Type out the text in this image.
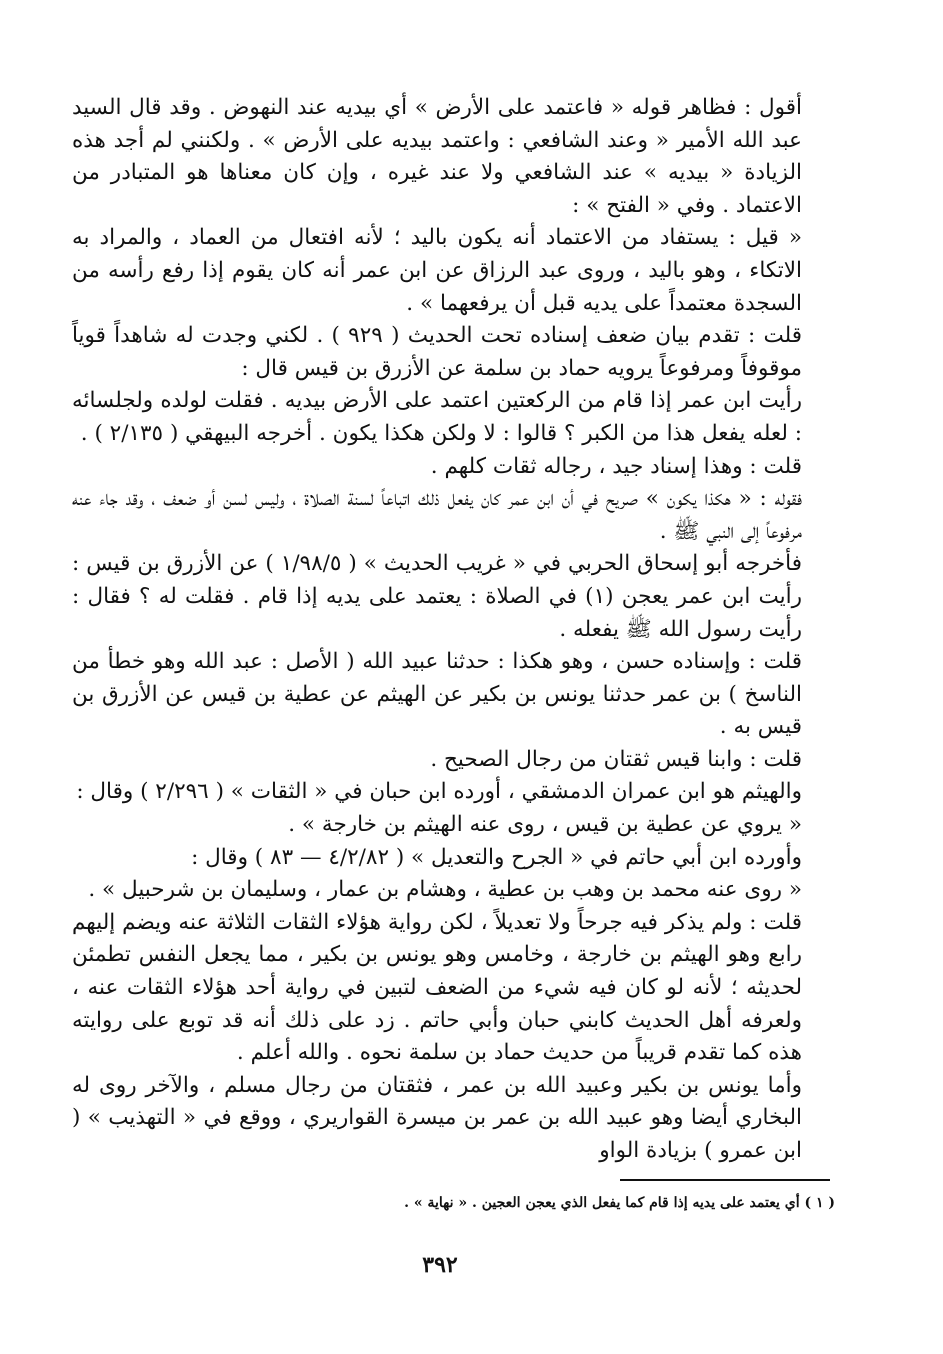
أقول : فظاهر قوله « فاعتمد على الأرض » أي بيديه عند النهوض . وقد قال السيد عبد الله الأمير « وعند الشافعي : واعتمد بيديه على الأرض » . ولكنني لم أجد هذه الزيادة « بيديه » عند الشافعي ولا عند غيره ، وإن كان معناها هو المتبادر من الاعتماد . وفي « الفتح » :

« قيل : يستفاد من الاعتماد أنه يكون باليد ؛ لأنه افتعال من العماد ، والمراد به الاتكاء ، وهو باليد ، وروى عبد الرزاق عن ابن عمر أنه كان يقوم إذا رفع رأسه من السجدة معتمداً على يديه قبل أن يرفعهما » .

قلت : تقدم بيان ضعف إسناده تحت الحديث ( ٩٢٩ ) . لكني وجدت له شاهداً قوياً موقوفاً ومرفوعاً يرويه حماد بن سلمة عن الأزرق بن قيس قال :

رأيت ابن عمر إذا قام من الركعتين اعتمد على الأرض بيديه . فقلت لولده ولجلسائه : لعله يفعل هذا من الكبر ؟ قالوا : لا ولكن هكذا يكون . أخرجه البيهقي ( ٢/١٣٥ ) .

قلت : وهذا إسناد جيد ، رجاله ثقات كلهم .

فقوله : « هكذا يكون » صريح في أن ابن عمر كان يفعل ذلك اتباعاً لسنة الصلاة ، وليس لسن أو ضعف ، وقد جاء عنه مرفوعاً إلى النبي ﷺ .

فأخرجه أبو إسحاق الحربي في « غريب الحديث » ( ١/٩٨/٥ ) عن الأزرق بن قيس : رأيت ابن عمر يعجن (١) في الصلاة : يعتمد على يديه إذا قام . فقلت له ؟ فقال : رأيت رسول الله ﷺ يفعله .

قلت : وإسناده حسن ، وهو هكذا : حدثنا عبيد الله ( الأصل : عبد الله وهو خطأ من الناسخ ) بن عمر حدثنا يونس بن بكير عن الهيثم عن عطية بن قيس عن الأزرق بن قيس به .

قلت : وابنا قيس ثقتان من رجال الصحيح .

والهيثم هو ابن عمران الدمشقي ، أورده ابن حبان في « الثقات » ( ٢/٢٩٦ ) وقال :

« يروي عن عطية بن قيس ، روى عنه الهيثم بن خارجة » .

وأورده ابن أبي حاتم في « الجرح والتعديل » ( ٤/٢/٨٢ — ٨٣ ) وقال :

« روى عنه محمد بن وهب بن عطية ، وهشام بن عمار ، وسليمان بن شرحبيل » .

قلت : ولم يذكر فيه جرحاً ولا تعديلاً ، لكن رواية هؤلاء الثقات الثلاثة عنه ويضم إليهم رابع وهو الهيثم بن خارجة ، وخامس وهو يونس بن بكير ، مما يجعل النفس تطمئن لحديثه ؛ لأنه لو كان فيه شيء من الضعف لتبين في رواية أحد هؤلاء الثقات عنه ، ولعرفه أهل الحديث كابني حبان وأبي حاتم . زد على ذلك أنه قد توبع على روايته هذه كما تقدم قريباً من حديث حماد بن سلمة نحوه . والله أعلم .

وأما يونس بن بكير وعبيد الله بن عمر ، فثقتان من رجال مسلم ، والآخر روى له البخاري أيضا وهو عبيد الله بن عمر بن ميسرة القواريري ، ووقع في « التهذيب » ( ابن عمرو ) بزيادة الواو

( ١ ) أي يعتمد على يديه إذا قام كما يفعل الذي يعجن العجين . « نهاية » .
٣٩٢
